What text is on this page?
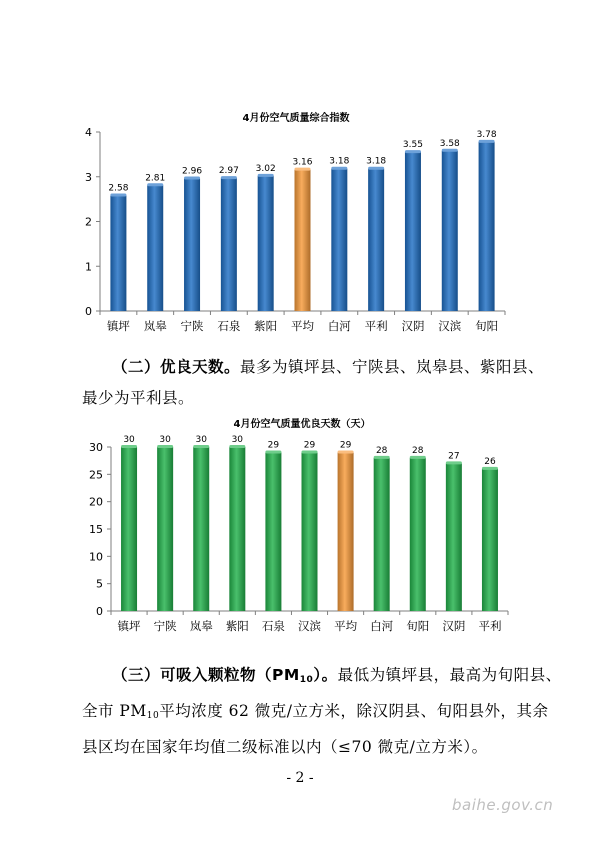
4月份空气质量综合指数
0
1
2
3
4
2.58
镇坪
2.81
岚皋
2.96
宁陕
2.97
石泉
3.02
紫阳
3.16
平均
3.18
白河
3.18
平利
3.55
汉阴
3.58
汉滨
3.78
旬阳
（二）优良天数。最多为镇坪县、宁陕县、岚皋县、紫阳县、
最少为平利县。
4月份空气质量优良天数（天）
0
5
10
15
20
25
30
30
镇坪
30
宁陕
30
岚皋
30
紫阳
29
石泉
29
汉滨
29
平均
28
白河
28
旬阳
27
汉阴
26
平利
（三）可吸入颗粒物$(PM_{10})$。最低为镇坪县，最高为旬阳县、
全市 $PM_{10}$平均浓度 62 微克/立方米，除汉阴县、旬阳县外，其余
县区均在国家年均值二级标准以内（≤70 微克/立方米）。
- 2 -
baihe.gov.cn
